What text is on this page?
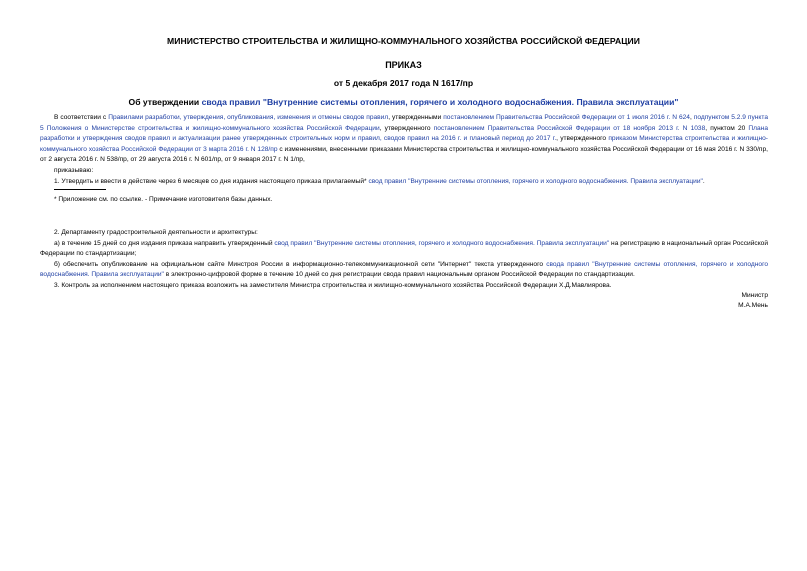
МИНИСТЕРСТВО СТРОИТЕЛЬСТВА И ЖИЛИЩНО-КОММУНАЛЬНОГО ХОЗЯЙСТВА РОССИЙСКОЙ ФЕДЕРАЦИИ
ПРИКАЗ
от 5 декабря 2017 года N 1617/пр
Об утверждении свода правил "Внутренние системы отопления, горячего и холодного водоснабжения. Правила эксплуатации"

В соответствии с Правилами разработки, утверждения, опубликования, изменения и отмены сводов правил, утвержденными постановлением Правительства Российской Федерации от 1 июля 2016 г. N 624, подпунктом 5.2.9 пункта 5 Положения о Министерстве строительства и жилищно-коммунального хозяйства Российской Федерации, утвержденного постановлением Правительства Российской Федерации от 18 ноября 2013 г. N 1038, пунктом 20 Плана разработки и утверждения сводов правил и актуализации ранее утвержденных строительных норм и правил, сводов правил на 2016 г. и плановый период до 2017 г., утвержденного приказом Министерства строительства и жилищно-коммунального хозяйства Российской Федерации от 3 марта 2016 г. N 128/пр с изменениями, внесенными приказами Министерства строительства и жилищно-коммунального хозяйства Российской Федерации от 16 мая 2016 г. N 330/пр, от 2 августа 2016 г. N 538/пр, от 29 августа 2016 г. N 601/пр, от 9 января 2017 г. N 1/пр,

приказываю:

1. Утвердить и ввести в действие через 6 месяцев со дня издания настоящего приказа прилагаемый* свод правил "Внутренние системы отопления, горячего и холодного водоснабжения. Правила эксплуатации".

* Приложение см. по ссылке. - Примечание изготовителя базы данных.

2. Департаменту градостроительной деятельности и архитектуры:

а) в течение 15 дней со дня издания приказа направить утвержденный свод правил "Внутренние системы отопления, горячего и холодного водоснабжения. Правила эксплуатации" на регистрацию в национальный орган Российской Федерации по стандартизации;

б) обеспечить опубликование на официальном сайте Минстроя России в информационно-телекоммуникационной сети "Интернет" текста утвержденного свода правил "Внутренние системы отопления, горячего и холодного водоснабжения. Правила эксплуатации" в электронно-цифровой форме в течение 10 дней со дня регистрации свода правил национальным органом Российской Федерации по стандартизации.

3. Контроль за исполнением настоящего приказа возложить на заместителя Министра строительства и жилищно-коммунального хозяйства Российской Федерации Х.Д.Мавлиярова.

Министр
М.А.Мень
